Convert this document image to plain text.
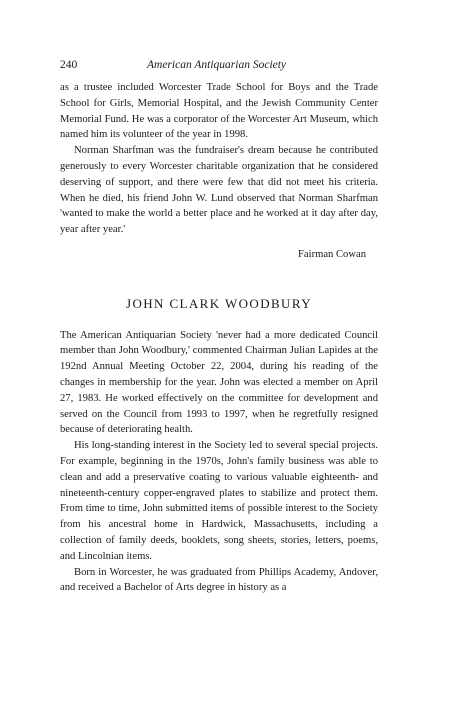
240	American Antiquarian Society

as a trustee included Worcester Trade School for Boys and the Trade School for Girls, Memorial Hospital, and the Jewish Community Center Memorial Fund. He was a corporator of the Worcester Art Museum, which named him its volunteer of the year in 1998.

Norman Sharfman was the fundraiser's dream because he contributed generously to every Worcester charitable organization that he considered deserving of support, and there were few that did not meet his criteria. When he died, his friend John W. Lund observed that Norman Sharfman 'wanted to make the world a better place and he worked at it day after day, year after year.'

Fairman Cowan

JOHN CLARK WOODBURY

The American Antiquarian Society 'never had a more dedicated Council member than John Woodbury,' commented Chairman Julian Lapides at the 192nd Annual Meeting October 22, 2004, during his reading of the changes in membership for the year. John was elected a member on April 27, 1983. He worked effectively on the committee for development and served on the Council from 1993 to 1997, when he regretfully resigned because of deteriorating health.

His long-standing interest in the Society led to several special projects. For example, beginning in the 1970s, John's family business was able to clean and add a preservative coating to various valuable eighteenth- and nineteenth-century copper-engraved plates to stabilize and protect them. From time to time, John submitted items of possible interest to the Society from his ancestral home in Hardwick, Massachusetts, including a collection of family deeds, booklets, song sheets, stories, letters, poems, and Lincolnian items.

Born in Worcester, he was graduated from Phillips Academy, Andover, and received a Bachelor of Arts degree in history as a
